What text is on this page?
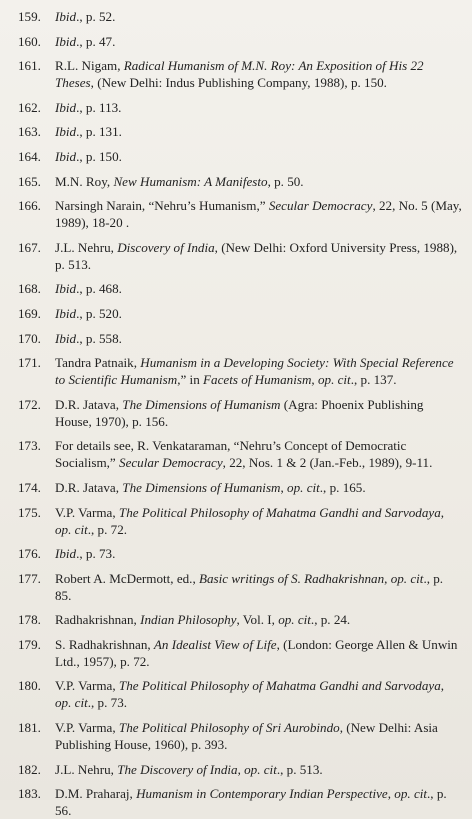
159.	Ibid., p. 52.
160.	Ibid., p. 47.
161.	R.L. Nigam, Radical Humanism of M.N. Roy: An Exposition of His 22 Theses, (New Delhi: Indus Publishing Company, 1988), p. 150.
162.	Ibid., p. 113.
163.	Ibid., p. 131.
164.	Ibid., p. 150.
165.	M.N. Roy, New Humanism: A Manifesto, p. 50.
166.	Narsingh Narain, “Nehru’s Humanism,” Secular Democracy, 22, No. 5 (May, 1989), 18-20 .
167.	J.L. Nehru, Discovery of India, (New Delhi: Oxford University Press, 1988), p. 513.
168.	Ibid., p. 468.
169.	Ibid., p. 520.
170.	Ibid., p. 558.
171.	Tandra Patnaik, Humanism in a Developing Society: With Special Reference to Scientific Humanism,” in Facets of Humanism, op. cit., p. 137.
172.	D.R. Jatava, The Dimensions of Humanism (Agra: Phoenix Publishing House, 1970), p. 156.
173.	For details see, R. Venkataraman, “Nehru’s Concept of Democratic Socialism,” Secular Democracy, 22, Nos. 1 & 2 (Jan.-Feb., 1989), 9-11.
174.	D.R. Jatava, The Dimensions of Humanism, op. cit., p. 165.
175.	V.P. Varma, The Political Philosophy of Mahatma Gandhi and Sarvodaya, op. cit., p. 72.
176.	Ibid., p. 73.
177.	Robert A. McDermott, ed., Basic writings of S. Radhakrishnan, op. cit., p. 85.
178.	Radhakrishnan, Indian Philosophy, Vol. I, op. cit., p. 24.
179.	S. Radhakrishnan, An Idealist View of Life, (London: George Allen & Unwin Ltd., 1957), p. 72.
180.	V.P. Varma, The Political Philosophy of Mahatma Gandhi and Sarvodaya, op. cit., p. 73.
181.	V.P. Varma, The Political Philosophy of Sri Aurobindo, (New Delhi: Asia Publishing House, 1960), p. 393.
182.	J.L. Nehru, The Discovery of India, op. cit., p. 513.
183.	D.M. Praharaj, Humanism in Contemporary Indian Perspective, op. cit., p. 56.
